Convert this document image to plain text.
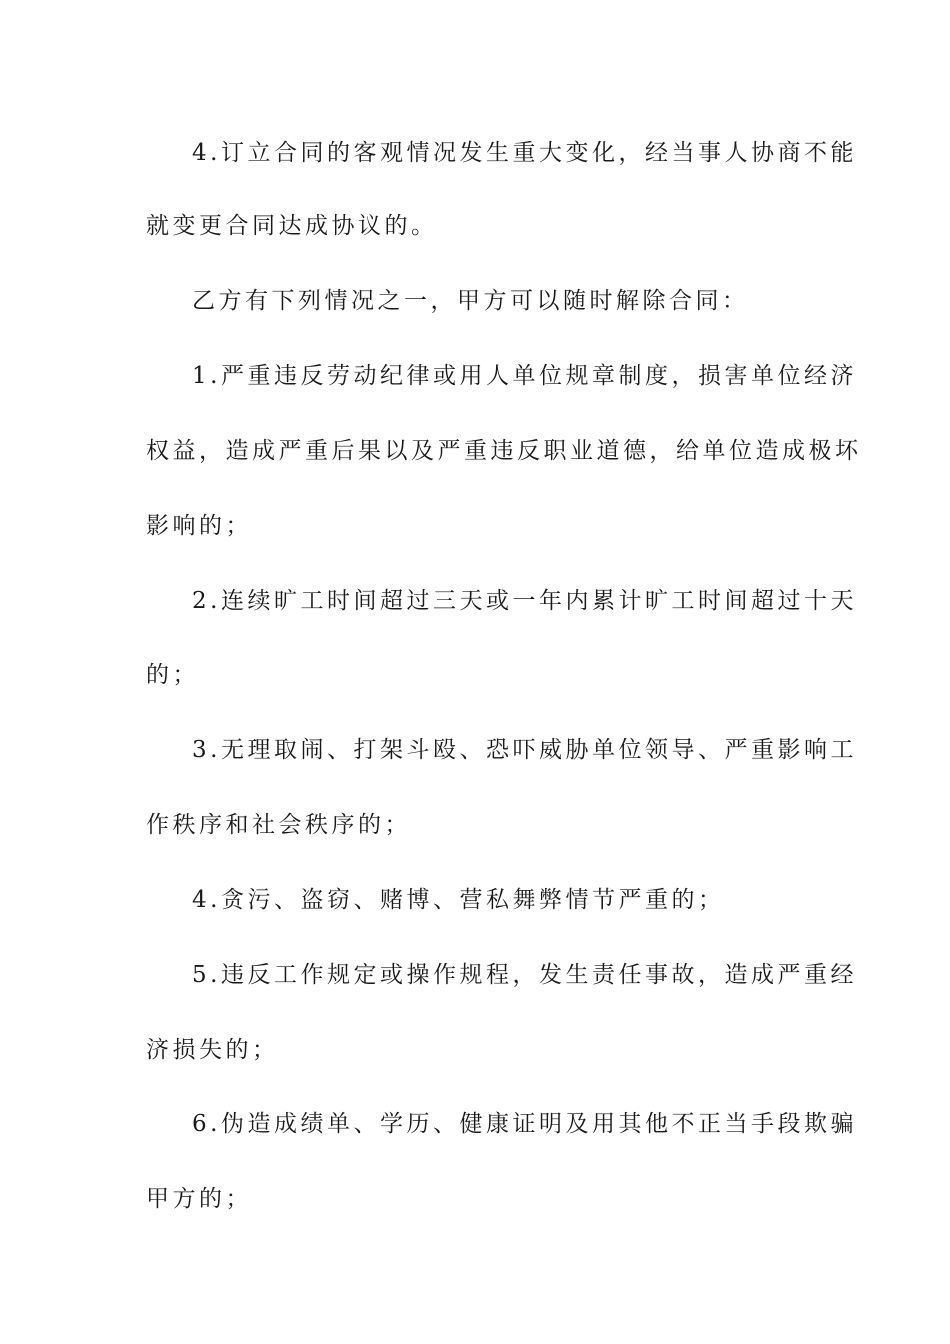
4.订立合同的客观情况发生重大变化，经当事人协商不能
就变更合同达成协议的。
乙方有下列情况之一，甲方可以随时解除合同：
1.严重违反劳动纪律或用人单位规章制度，损害单位经济
权益，造成严重后果以及严重违反职业道德，给单位造成极坏
影响的；
2.连续旷工时间超过三天或一年内累计旷工时间超过十天
的；
3.无理取闹、打架斗殴、恐吓威胁单位领导、严重影响工
作秩序和社会秩序的；
4.贪污、盗窃、赌博、营私舞弊情节严重的；
5.违反工作规定或操作规程，发生责任事故，造成严重经
济损失的；
6.伪造成绩单、学历、健康证明及用其他不正当手段欺骗
甲方的；
